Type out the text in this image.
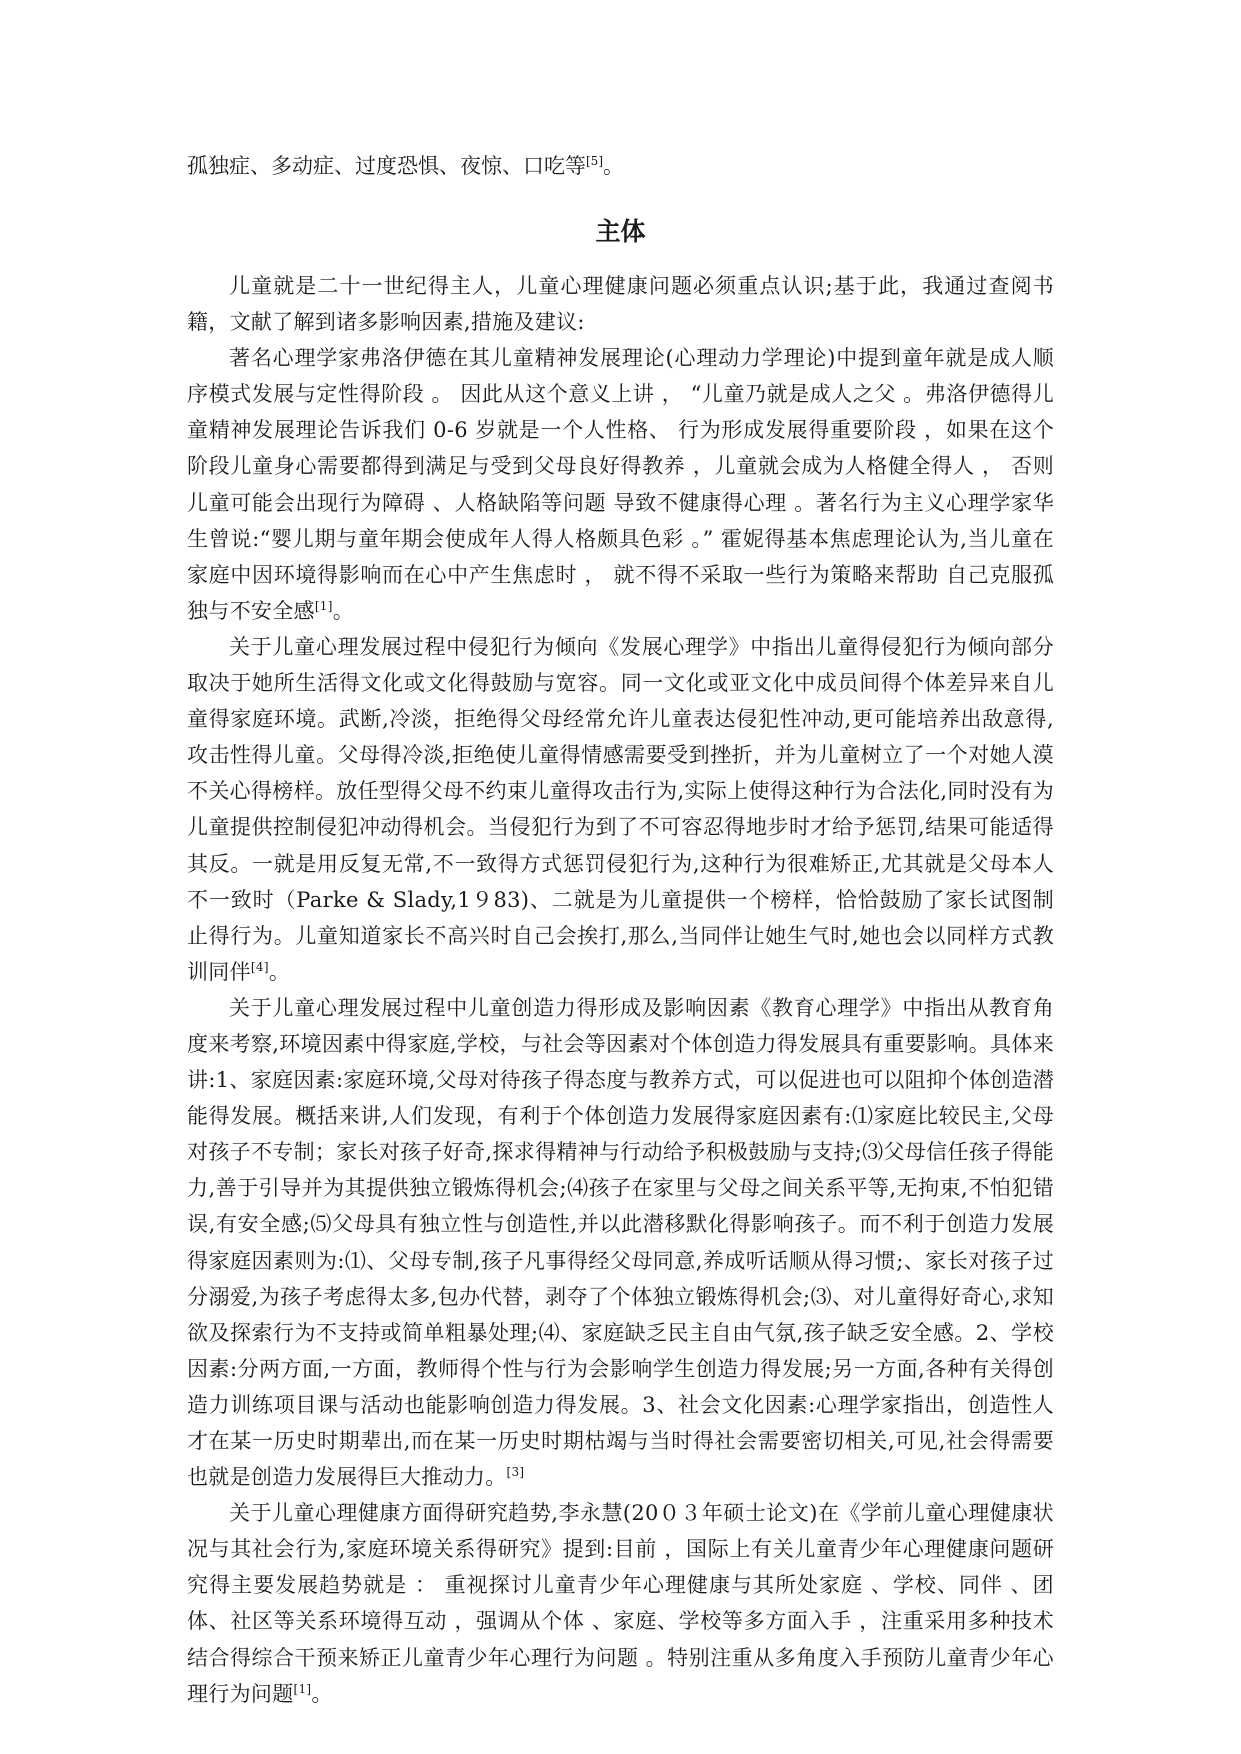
孤独症、多动症、过度恐惧、夜惊、口吃等[5]。

主体

儿童就是二十一世纪得主人，儿童心理健康问题必须重点认识;基于此，我通过查阅书籍，文献了解到诸多影响因素,措施及建议:

著名心理学家弗洛伊德在其儿童精神发展理论(心理动力学理论)中提到童年就是成人顺序模式发展与定性得阶段 。 因此从这个意义上讲 ， “儿童乃就是成人之父 。弗洛伊德得儿童精神发展理论告诉我们 0-6 岁就是一个人性格、 行为形成发展得重要阶段 ，如果在这个阶段儿童身心需要都得到满足与受到父母良好得教养 ，儿童就会成为人格健全得人 ， 否则儿童可能会出现行为障碍 、人格缺陷等问题 导致不健康得心理 。著名行为主义心理学家华生曾说:“婴儿期与童年期会使成年人得人格颇具色彩 。” 霍妮得基本焦虑理论认为,当儿童在家庭中因环境得影响而在心中产生焦虑时 ， 就不得不采取一些行为策略来帮助 自己克服孤独与不安全感[1]。

关于儿童心理发展过程中侵犯行为倾向《发展心理学》中指出儿童得侵犯行为倾向部分取决于她所生活得文化或文化得鼓励与宽容。同一文化或亚文化中成员间得个体差异来自儿童得家庭环境。武断,冷淡，拒绝得父母经常允许儿童表达侵犯性冲动,更可能培养出敌意得,攻击性得儿童。父母得冷淡,拒绝使儿童得情感需要受到挫折，并为儿童树立了一个对她人漠不关心得榜样。放任型得父母不约束儿童得攻击行为,实际上使得这种行为合法化,同时没有为儿童提供控制侵犯冲动得机会。当侵犯行为到了不可容忍得地步时才给予惩罚,结果可能适得其反。一就是用反复无常,不一致得方式惩罚侵犯行为,这种行为很难矫正,尤其就是父母本人不一致时（Parke & Slady,1９83)、二就是为儿童提供一个榜样，恰恰鼓励了家长试图制止得行为。儿童知道家长不高兴时自己会挨打,那么,当同伴让她生气时,她也会以同样方式教训同伴[4]。

关于儿童心理发展过程中儿童创造力得形成及影响因素《教育心理学》中指出从教育角度来考察,环境因素中得家庭,学校，与社会等因素对个体创造力得发展具有重要影响。具体来讲:1、家庭因素:家庭环境,父母对待孩子得态度与教养方式，可以促进也可以阻抑个体创造潜能得发展。概括来讲,人们发现，有利于个体创造力发展得家庭因素有:⑴家庭比较民主,父母对孩子不专制；家长对孩子好奇,探求得精神与行动给予积极鼓励与支持;⑶父母信任孩子得能力,善于引导并为其提供独立锻炼得机会;⑷孩子在家里与父母之间关系平等,无拘束,不怕犯错误,有安全感;⑸父母具有独立性与创造性,并以此潜移默化得影响孩子。而不利于创造力发展得家庭因素则为:⑴、父母专制,孩子凡事得经父母同意,养成听话顺从得习惯;、家长对孩子过分溺爱,为孩子考虑得太多,包办代替，剥夺了个体独立锻炼得机会;⑶、对儿童得好奇心,求知欲及探索行为不支持或简单粗暴处理;⑷、家庭缺乏民主自由气氛,孩子缺乏安全感。2、学校因素:分两方面,一方面，教师得个性与行为会影响学生创造力得发展;另一方面,各种有关得创造力训练项目课与活动也能影响创造力得发展。3、社会文化因素:心理学家指出，创造性人才在某一历史时期辈出,而在某一历史时期枯竭与当时得社会需要密切相关,可见,社会得需要也就是创造力发展得巨大推动力。[3]

关于儿童心理健康方面得研究趋势,李永慧(20０３年硕士论文)在《学前儿童心理健康状况与其社会行为,家庭环境关系得研究》提到:目前 ，国际上有关儿童青少年心理健康问题研究得主要发展趋势就是 ： 重视探讨儿童青少年心理健康与其所处家庭 、学校、同伴 、团体、社区等关系环境得互动 ，强调从个体 、家庭、学校等多方面入手 ，注重采用多种技术结合得综合干预来矫正儿童青少年心理行为问题 。特别注重从多角度入手预防儿童青少年心理行为问题[1]。
